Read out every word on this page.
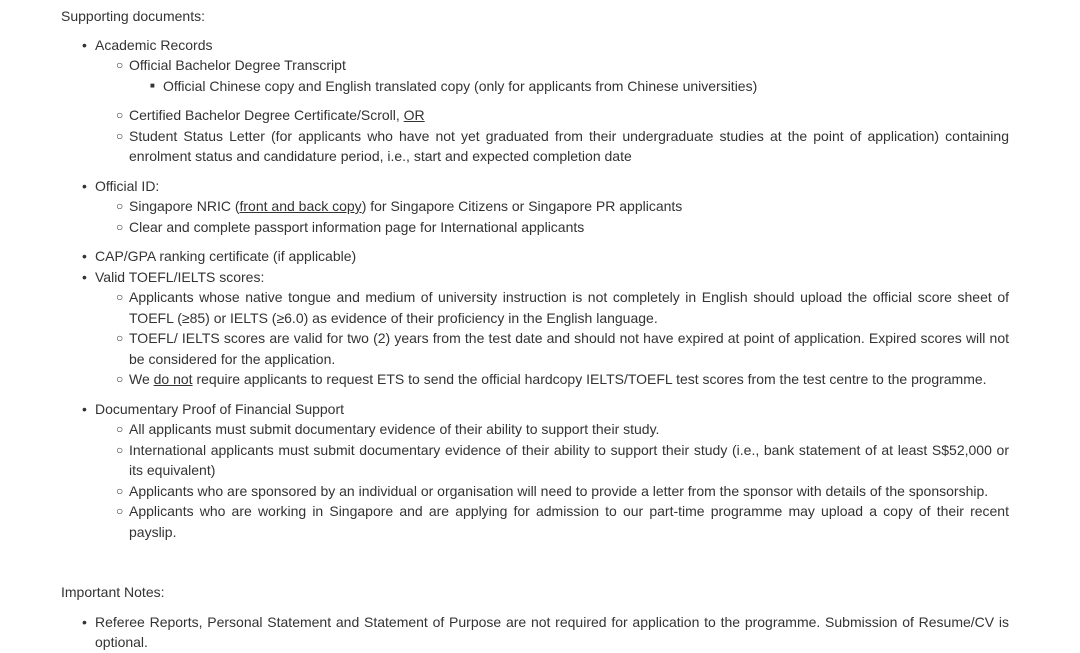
Supporting documents:

• Academic Records
○ Official Bachelor Degree Transcript
■ Official Chinese copy and English translated copy (only for applicants from Chinese universities)
○ Certified Bachelor Degree Certificate/Scroll, OR
○ Student Status Letter (for applicants who have not yet graduated from their undergraduate studies at the point of application) containing enrolment status and candidature period, i.e., start and expected completion date
• Official ID:
○ Singapore NRIC (front and back copy) for Singapore Citizens or Singapore PR applicants
○ Clear and complete passport information page for International applicants
• CAP/GPA ranking certificate (if applicable)
• Valid TOEFL/IELTS scores:
○ Applicants whose native tongue and medium of university instruction is not completely in English should upload the official score sheet of TOEFL (≥85) or IELTS (≥6.0) as evidence of their proficiency in the English language.
○ TOEFL/ IELTS scores are valid for two (2) years from the test date and should not have expired at point of application. Expired scores will not be considered for the application.
○ We do not require applicants to request ETS to send the official hardcopy IELTS/TOEFL test scores from the test centre to the programme.
• Documentary Proof of Financial Support
○ All applicants must submit documentary evidence of their ability to support their study.
○ International applicants must submit documentary evidence of their ability to support their study (i.e., bank statement of at least S$52,000 or its equivalent)
○ Applicants who are sponsored by an individual or organisation will need to provide a letter from the sponsor with details of the sponsorship.
○ Applicants who are working in Singapore and are applying for admission to our part-time programme may upload a copy of their recent payslip.

Important Notes:

• Referee Reports, Personal Statement and Statement of Purpose are not required for application to the programme. Submission of Resume/CV is optional.
